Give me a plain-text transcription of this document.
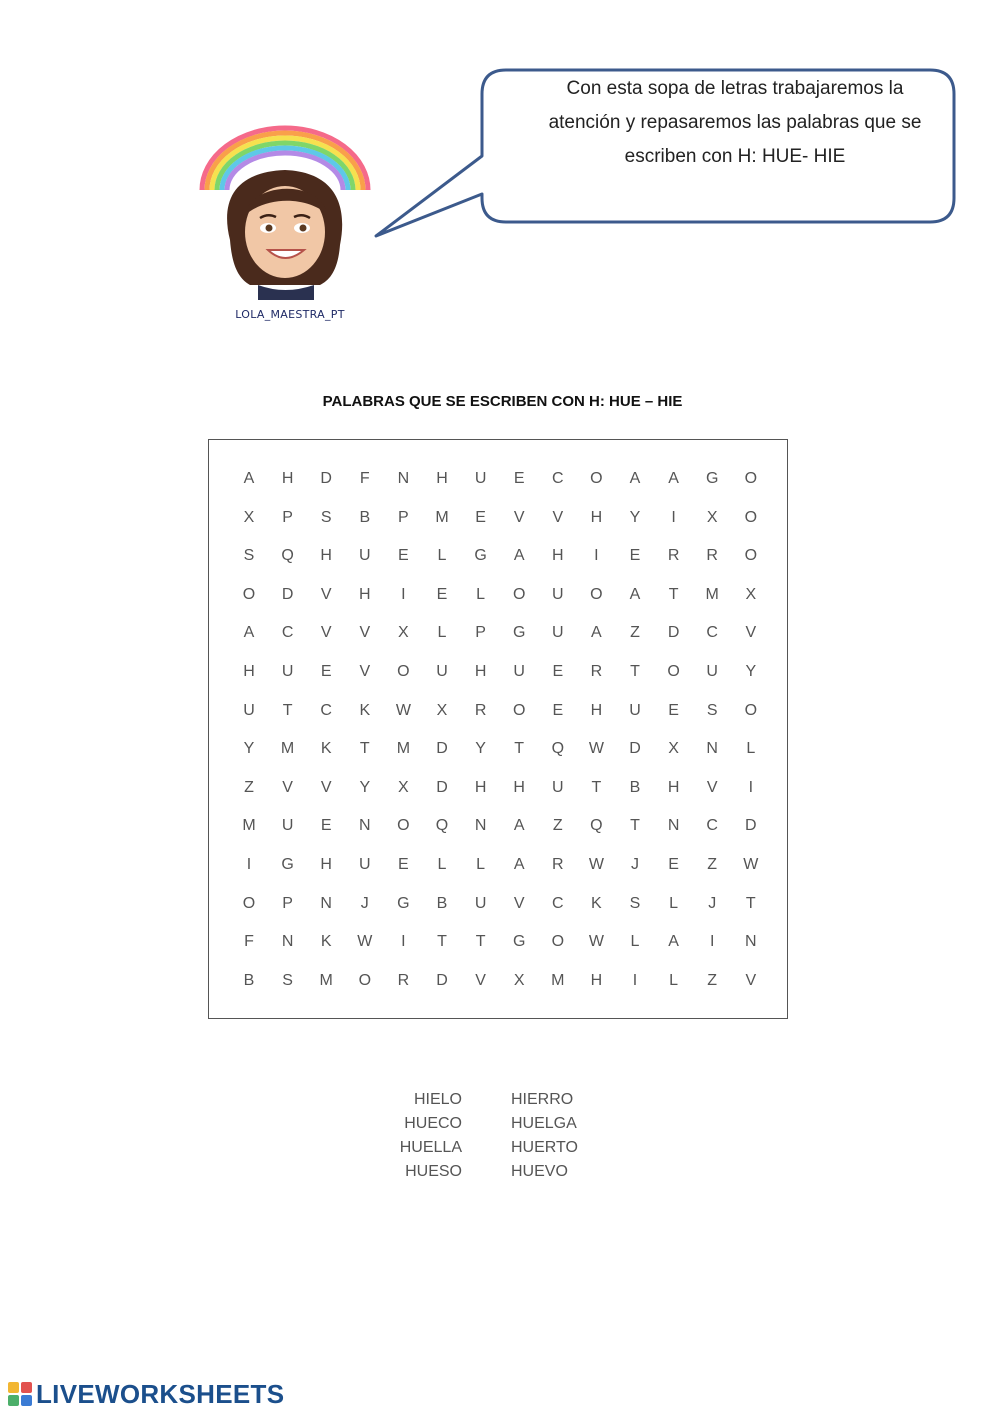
LOLA_MAESTRA_PT
Con esta sopa de letras trabajaremos la
atención y repasaremos las palabras que se
escriben con H: HUE- HIE
PALABRAS QUE SE ESCRIBEN CON H: HUE – HIE
A	H	D	F	N	H	U	E	C	O	A	A	G	O
X	P	S	B	P	M	E	V	V	H	Y	I	X	O
S	Q	H	U	E	L	G	A	H	I	E	R	R	O
O	D	V	H	I	E	L	O	U	O	A	T	M	X
A	C	V	V	X	L	P	G	U	A	Z	D	C	V
H	U	E	V	O	U	H	U	E	R	T	O	U	Y
U	T	C	K	W	X	R	O	E	H	U	E	S	O
Y	M	K	T	M	D	Y	T	Q	W	D	X	N	L
Z	V	V	Y	X	D	H	H	U	T	B	H	V	I
M	U	E	N	O	Q	N	A	Z	Q	T	N	C	D
I	G	H	U	E	L	L	A	R	W	J	E	Z	W
O	P	N	J	G	B	U	V	C	K	S	L	J	T
F	N	K	W	I	T	T	G	O	W	L	A	I	N
B	S	M	O	R	D	V	X	M	H	I	L	Z	V
HIELO
HUECO
HUELLA
HUESO
HIERRO
HUELGA
HUERTO
HUEVO
LIVEWORKSHEETS
